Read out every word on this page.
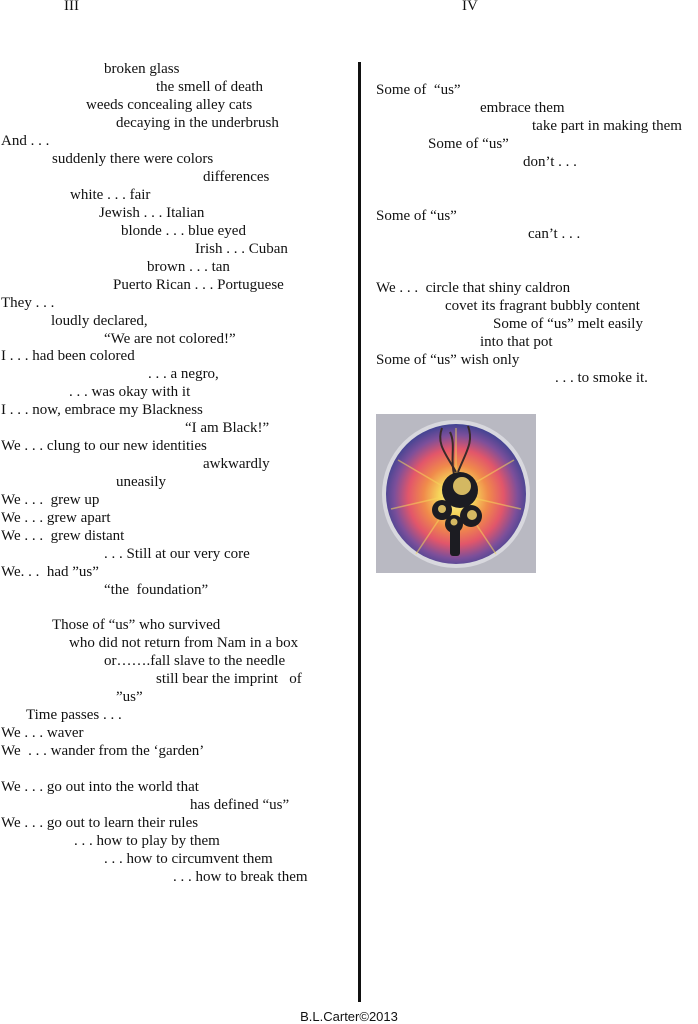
III	IV

broken glass

the smell of death

weeds concealing alley cats

decaying in the underbrush

And . . .

suddenly there were colors

differences

white . . . fair

Jewish . . . Italian

blonde . . . blue eyed

Irish . . . Cuban

brown . . . tan

Puerto Rican . . . Portuguese

They . . .

loudly declared,

“We are not colored!”

I . . . had been colored

. . . a negro,

. . . was okay with it

I . . . now, embrace my Blackness

“I am Black!”

We . . . clung to our new identities

awkwardly

uneasily

We . . .  grew up

We . . . grew apart

We . . .  grew distant

. . . Still at our very core

We. . .  had ”us”

“the  foundation”

Those of “us” who survived

who did not return from Nam in a box

or…….fall slave to the needle

still bear the imprint   of

”us”

Time passes . . .

We . . . waver

We  . . . wander from the ‘garden’

We . . . go out into the world that

has defined “us”

We . . . go out to learn their rules

. . . how to play by them

. . . how to circumvent them

. . . how to break them

Some of  “us”

embrace them

take part in making them

Some of “us”

don’t . . .

Some of “us”

can’t . . .

We . . .  circle that shiny caldron

covet its fragrant bubbly content

Some of “us” melt easily

into that pot

Some of “us” wish only

. . . to smoke it.

B.L.Carter©2013
